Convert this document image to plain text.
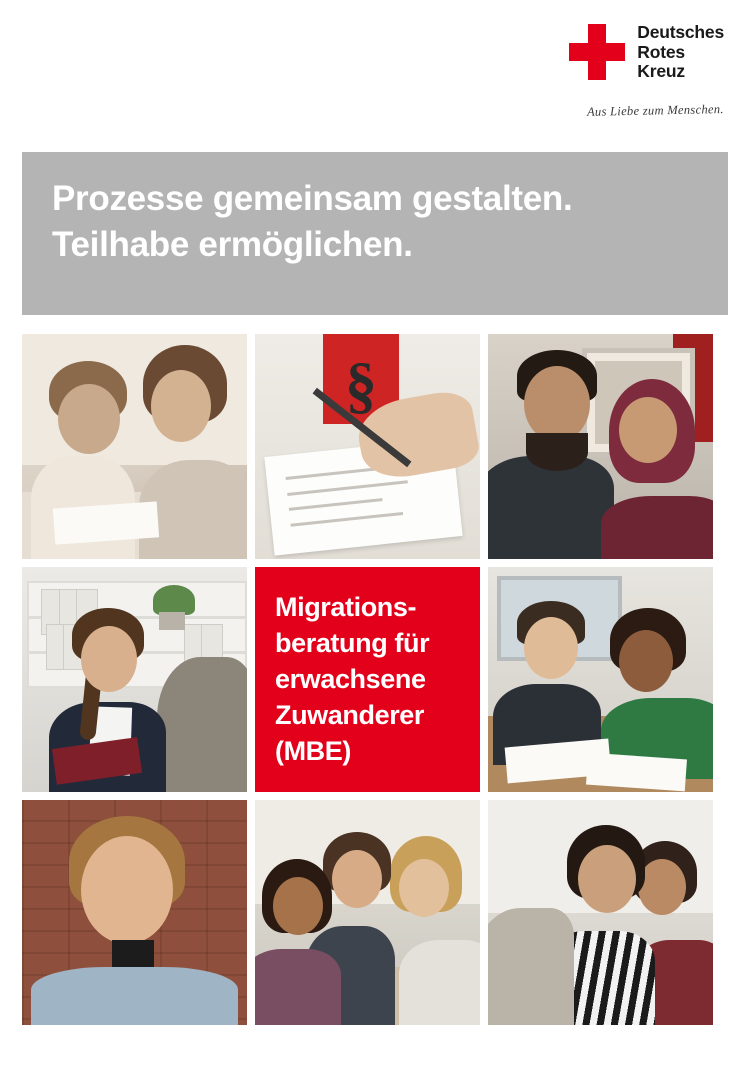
Deutsches
Rotes
Kreuz
Aus Liebe zum Menschen.
Prozesse gemeinsam gestalten.
Teilhabe ermöglichen.
§
Migrations-
beratung für
erwachsene
Zuwanderer
(MBE)
